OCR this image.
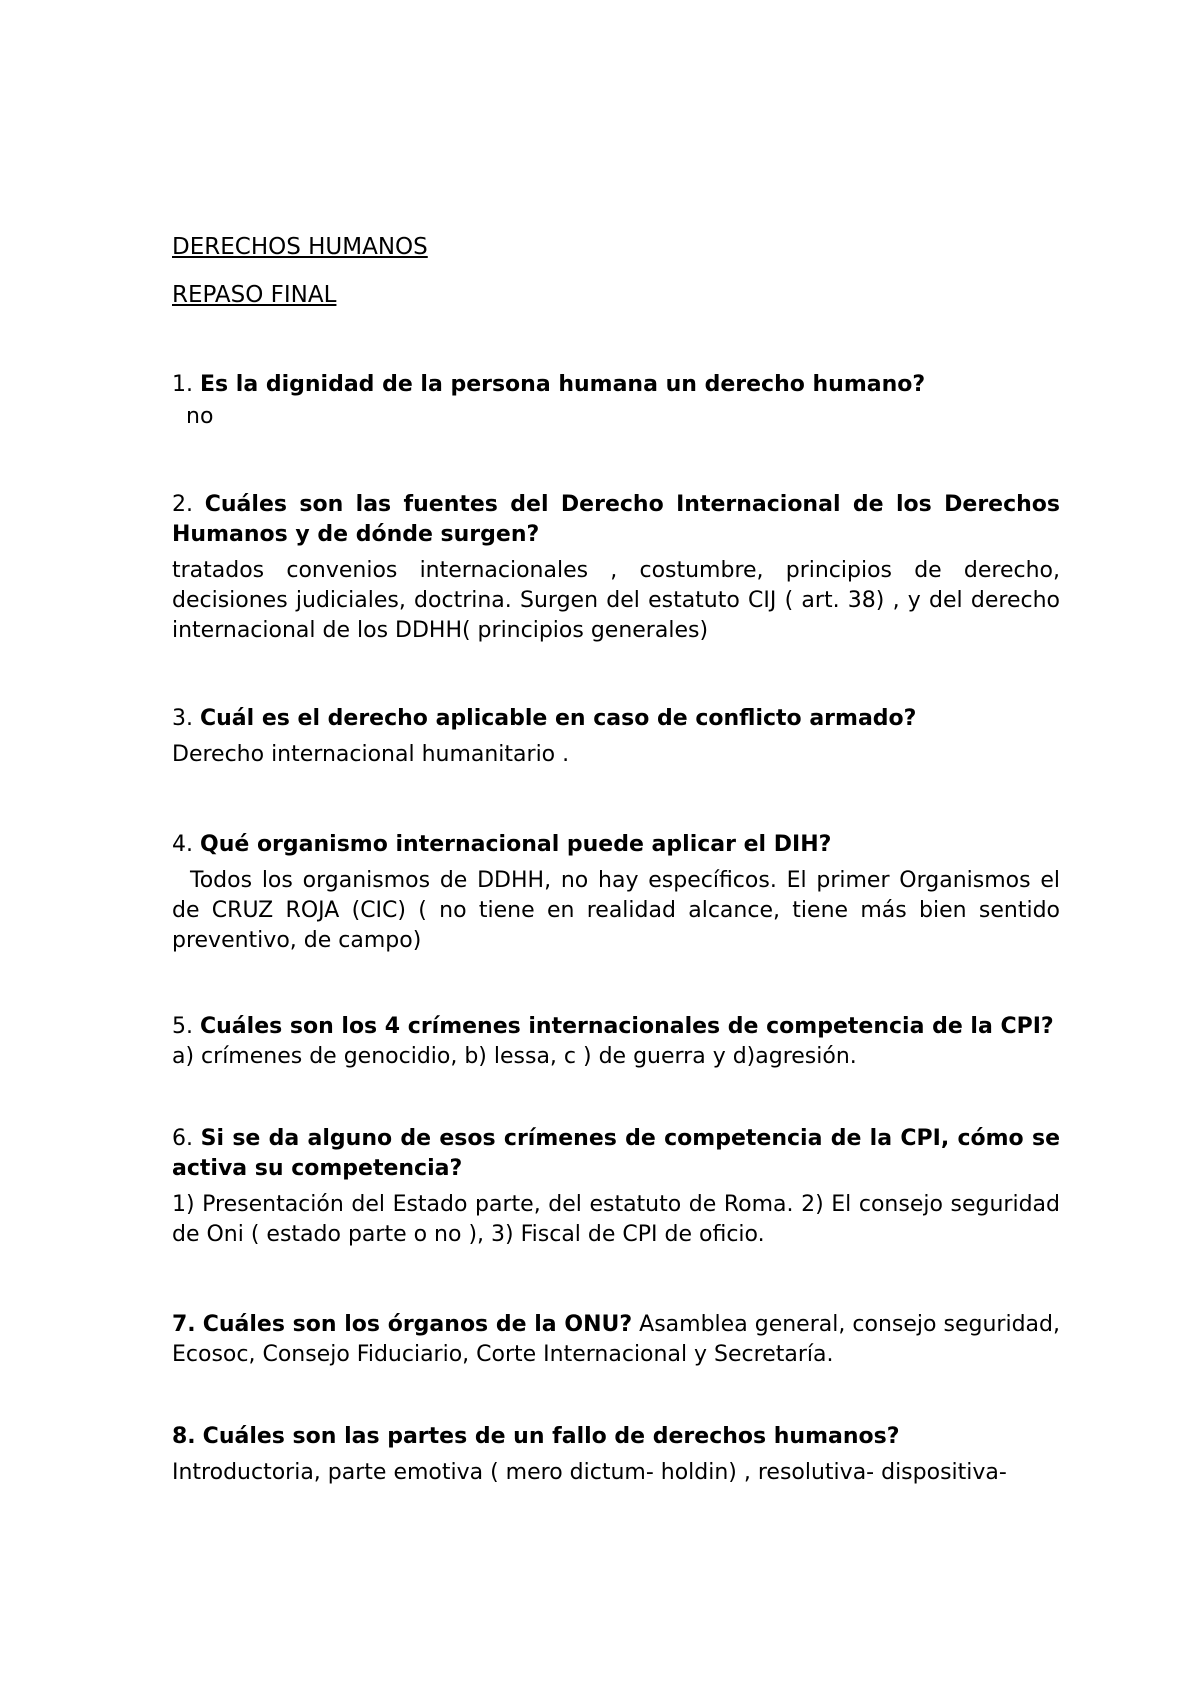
DERECHOS HUMANOS
REPASO FINAL
1. Es la dignidad de la persona humana un derecho humano?
no
2. Cuáles son las fuentes del Derecho Internacional de los Derechos Humanos y de dónde surgen?
tratados convenios internacionales , costumbre, principios de derecho, decisiones judiciales, doctrina. Surgen del estatuto CIJ ( art. 38) , y del derecho internacional de los DDHH( principios generales)
3. Cuál es el derecho aplicable en caso de conflicto armado?
Derecho internacional humanitario .
4. Qué organismo internacional puede aplicar el DIH?
Todos los organismos de DDHH, no hay específicos. El primer Organismos el de CRUZ ROJA (CIC) ( no tiene en realidad alcance, tiene más bien sentido preventivo, de campo)
5. Cuáles son los 4 crímenes internacionales de competencia de la CPI?
a) crímenes de genocidio, b) lessa, c ) de guerra y d)agresión.
6. Si se da alguno de esos crímenes de competencia de la CPI, cómo se activa su competencia?
1) Presentación del Estado parte, del estatuto de Roma. 2) El consejo seguridad de Oni ( estado parte o no ), 3) Fiscal de CPI de oficio.
7. Cuáles son los órganos de la ONU? Asamblea general, consejo seguridad, Ecosoc, Consejo Fiduciario, Corte Internacional y Secretaría.
8. Cuáles son las partes de un fallo de derechos humanos?
Introductoria, parte emotiva ( mero dictum- holdin) , resolutiva- dispositiva-
